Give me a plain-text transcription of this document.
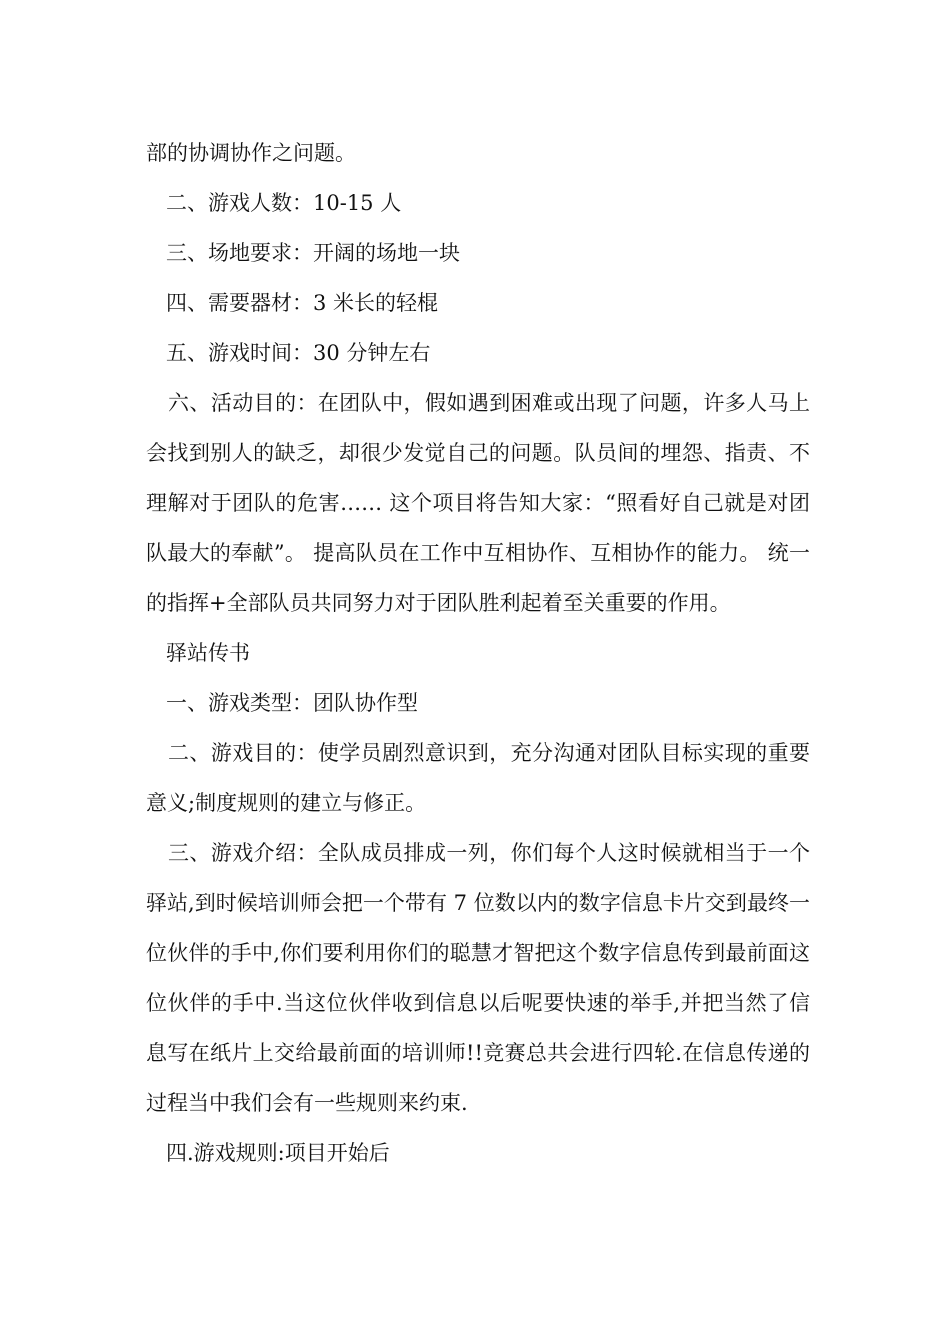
部的协调协作之问题。

二、游戏人数：10-15 人

三、场地要求：开阔的场地一块

四、需要器材：3 米长的轻棍

五、游戏时间：30 分钟左右

六、活动目的：在团队中，假如遇到困难或出现了问题，许多人马上会找到别人的缺乏，却很少发觉自己的问题。队员间的埋怨、指责、不理解对于团队的危害…… 这个项目将告知大家：“照看好自己就是对团队最大的奉献”。 提高队员在工作中互相协作、互相协作的能力。 统一的指挥+全部队员共同努力对于团队胜利起着至关重要的作用。

驿站传书

一、游戏类型：团队协作型

二、游戏目的：使学员剧烈意识到，充分沟通对团队目标实现的重要意义;制度规则的建立与修正。

三、游戏介绍：全队成员排成一列，你们每个人这时候就相当于一个驿站,到时候培训师会把一个带有 7 位数以内的数字信息卡片交到最终一位伙伴的手中,你们要利用你们的聪慧才智把这个数字信息传到最前面这位伙伴的手中.当这位伙伴收到信息以后呢要快速的举手,并把当然了信息写在纸片上交给最前面的培训师!!竞赛总共会进行四轮.在信息传递的过程当中我们会有一些规则来约束.

四.游戏规则:项目开始后
